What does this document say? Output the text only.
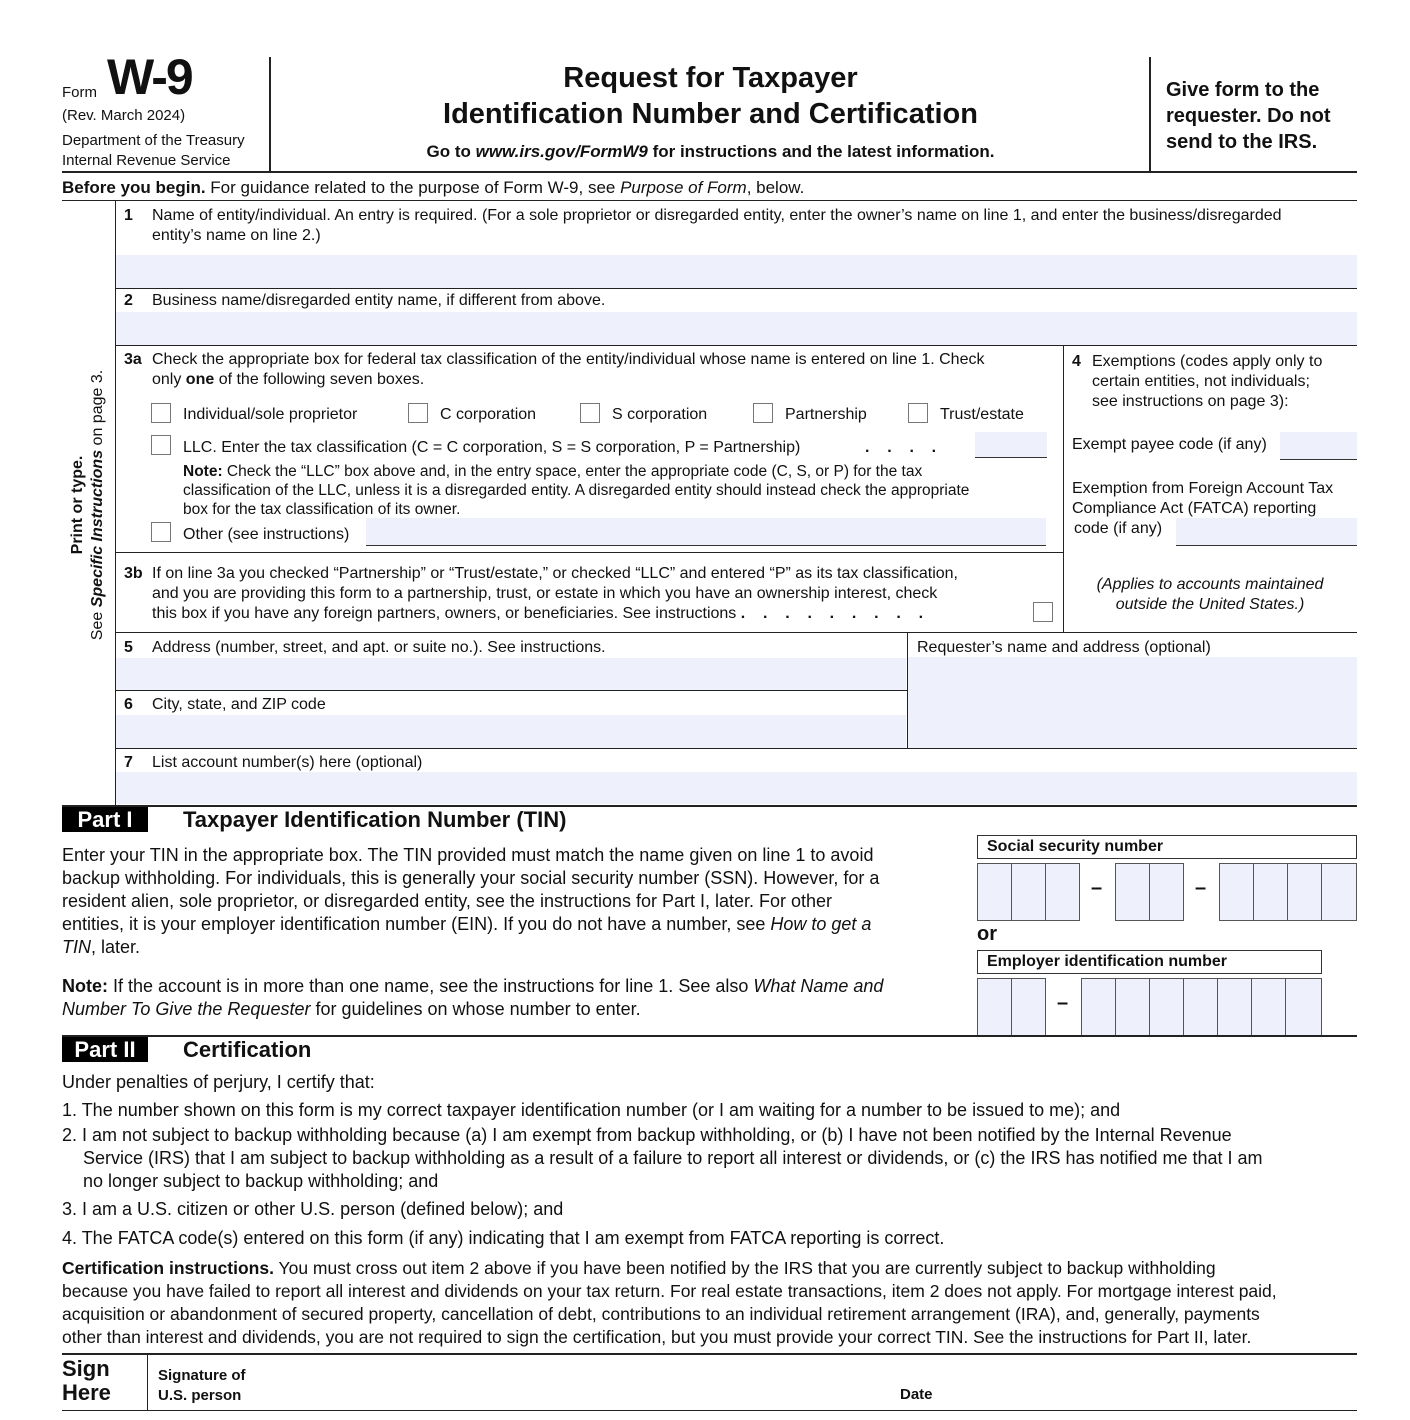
Form W-9
(Rev. March 2024)
Department of the Treasury
Internal Revenue Service
Request for Taxpayer
Identification Number and Certification
Go to www.irs.gov/FormW9 for instructions and the latest information.
Give form to the
requester. Do not
send to the IRS.
Before you begin. For guidance related to the purpose of Form W-9, see Purpose of Form, below.
Print or type.
See Specific Instructions on page 3.
1 Name of entity/individual. An entry is required. (For a sole proprietor or disregarded entity, enter the owner’s name on line 1, and enter the business/disregarded
entity’s name on line 2.)
2 Business name/disregarded entity name, if different from above.
3a Check the appropriate box for federal tax classification of the entity/individual whose name is entered on line 1. Check
only one of the following seven boxes.
Individual/sole proprietor	C corporation	S corporation	Partnership	Trust/estate
LLC. Enter the tax classification (C = C corporation, S = S corporation, P = Partnership)	.    .    .    .
Note: Check the “LLC” box above and, in the entry space, enter the appropriate code (C, S, or P) for the tax
classification of the LLC, unless it is a disregarded entity. A disregarded entity should instead check the appropriate
box for the tax classification of its owner.
Other (see instructions)
4 Exemptions (codes apply only to
certain entities, not individuals;
see instructions on page 3):
Exempt payee code (if any)
Exemption from Foreign Account Tax
Compliance Act (FATCA) reporting
code (if any)
(Applies to accounts maintained
outside the United States.)
3b If on line 3a you checked “Partnership” or “Trust/estate,” or checked “LLC” and entered “P” as its tax classification,
and you are providing this form to a partnership, trust, or estate in which you have an ownership interest, check
this box if you have any foreign partners, owners, or beneficiaries. See instructions .    .    .    .    .    .    .    .    .
5 Address (number, street, and apt. or suite no.). See instructions.
6 City, state, and ZIP code
Requester’s name and address (optional)
7 List account number(s) here (optional)
Part I	Taxpayer Identification Number (TIN)

Enter your TIN in the appropriate box. The TIN provided must match the name given on line 1 to avoid

backup withholding. For individuals, this is generally your social security number (SSN). However, for a

resident alien, sole proprietor, or disregarded entity, see the instructions for Part I, later. For other

entities, it is your employer identification number (EIN). If you do not have a number, see How to get a

TIN, later.

Note: If the account is in more than one name, see the instructions for line 1. See also What Name and

Number To Give the Requester for guidelines on whose number to enter.

Social security number
–	–
or
Employer identification number
–
Part II	Certification

Under penalties of perjury, I certify that:

1. The number shown on this form is my correct taxpayer identification number (or I am waiting for a number to be issued to me); and

2. I am not subject to backup withholding because (a) I am exempt from backup withholding, or (b) I have not been notified by the Internal Revenue

Service (IRS) that I am subject to backup withholding as a result of a failure to report all interest or dividends, or (c) the IRS has notified me that I am

no longer subject to backup withholding; and

3. I am a U.S. citizen or other U.S. person (defined below); and

4. The FATCA code(s) entered on this form (if any) indicating that I am exempt from FATCA reporting is correct.

Certification instructions. You must cross out item 2 above if you have been notified by the IRS that you are currently subject to backup withholding

because you have failed to report all interest and dividends on your tax return. For real estate transactions, item 2 does not apply. For mortgage interest paid,

acquisition or abandonment of secured property, cancellation of debt, contributions to an individual retirement arrangement (IRA), and, generally, payments

other than interest and dividends, you are not required to sign the certification, but you must provide your correct TIN. See the instructions for Part II, later.

Sign
Here
Signature of
U.S. person	Date
